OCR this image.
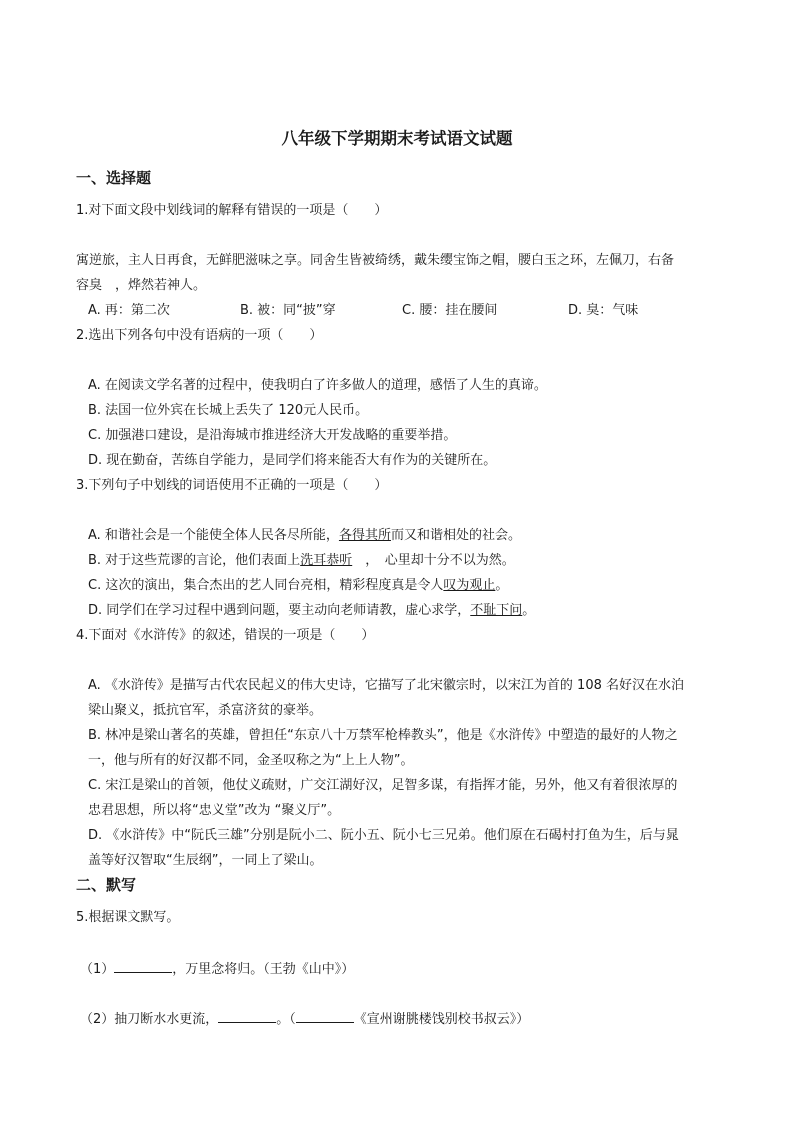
八年级下学期期末考试语文试题
一、选择题
1.对下面文段中划线词的解释有错误的一项是（　　）
寓逆旅，主人日再食，无鲜肥滋味之享。同舍生皆被绮绣，戴朱缨宝饰之帽，腰白玉之环，左佩刀，右备
容臭　，烨然若神人。
A. 再：第二次	B. 被：同“披”穿	C. 腰：挂在腰间	D. 臭：气味
2.选出下列各句中没有语病的一项（　　）
A. 在阅读文学名著的过程中，使我明白了许多做人的道理，感悟了人生的真谛。
B. 法国一位外宾在长城上丢失了 120元人民币。
C. 加强港口建设，是沿海城市推进经济大开发战略的重要举措。
D. 现在勤奋，苦练自学能力，是同学们将来能否大有作为的关键所在。
3.下列句子中划线的词语使用不正确的一项是（　　）
A. 和谐社会是一个能使全体人民各尽所能，各得其所而又和谐相处的社会。
B. 对于这些荒谬的言论，他们表面上洗耳恭听　，　心里却十分不以为然。
C. 这次的演出，集合杰出的艺人同台亮相，精彩程度真是令人叹为观止。
D. 同学们在学习过程中遇到问题，要主动向老师请教，虚心求学，不耻下问。
4.下面对《水浒传》的叙述，错误的一项是（　　）
A. 《水浒传》是描写古代农民起义的伟大史诗，它描写了北宋徽宗时，以宋江为首的 108 名好汉在水泊
梁山聚义，抵抗官军，杀富济贫的豪举。
B. 林冲是梁山著名的英雄，曾担任“东京八十万禁军枪棒教头”，他是《水浒传》中塑造的最好的人物之
一，他与所有的好汉都不同，金圣叹称之为“上上人物”。
C. 宋江是梁山的首领，他仗义疏财，广交江湖好汉，足智多谋，有指挥才能，另外，他又有着很浓厚的
忠君思想，所以将“忠义堂”改为 “聚义厅”。
D. 《水浒传》中“阮氏三雄”分别是阮小二、阮小五、阮小七三兄弟。他们原在石碣村打鱼为生，后与晁
盖等好汉智取“生辰纲”，一同上了梁山。
二、默写
5.根据课文默写。
（1）	，万里念将归。（王勃《山中》）
（2）抽刀断水水更流，	。（	《宣州谢朓楼饯别校书叔云》）
